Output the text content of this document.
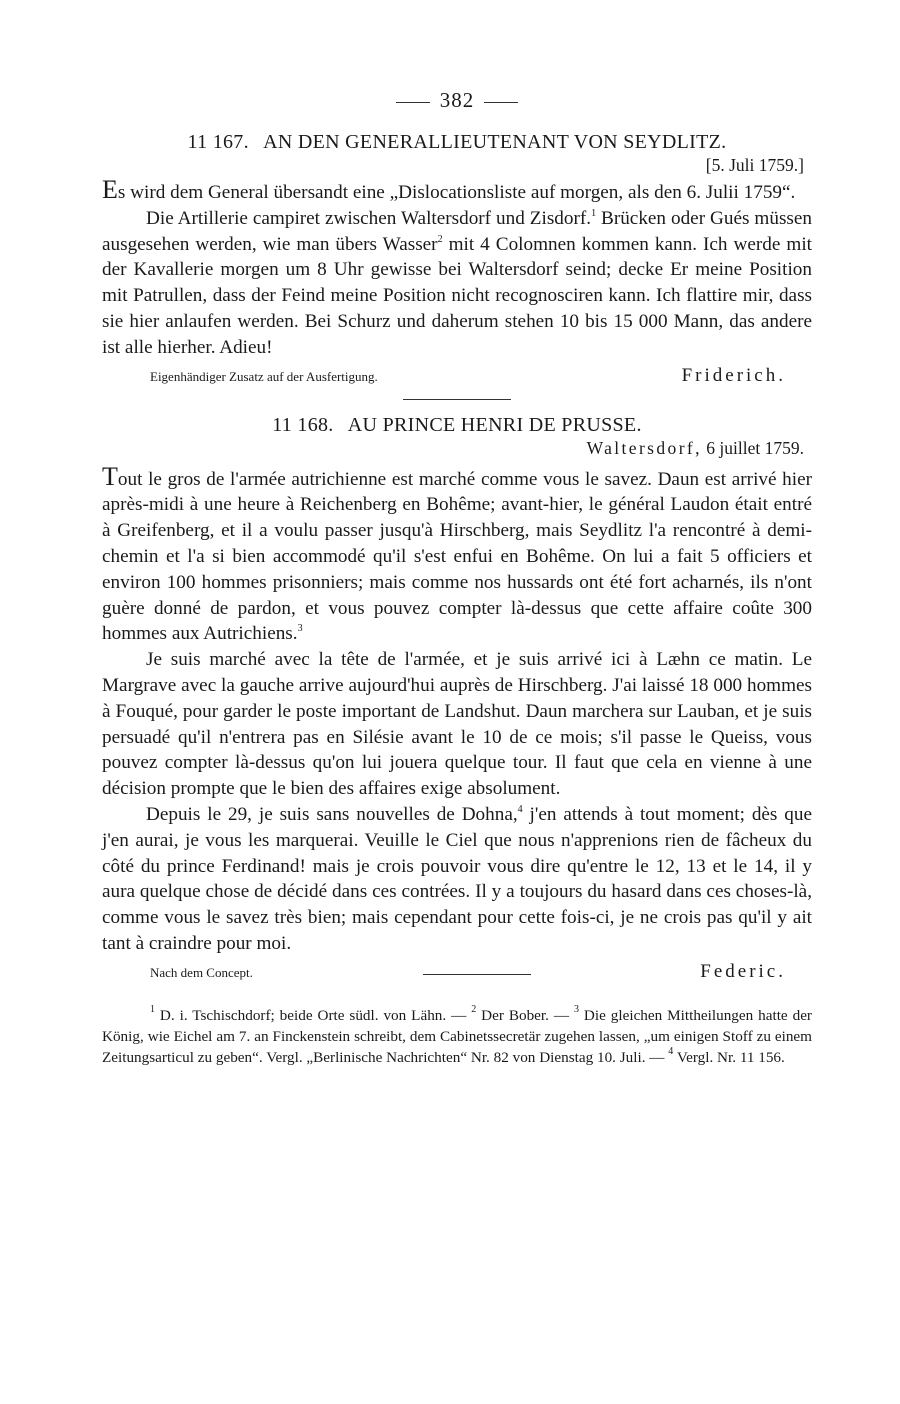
382
11 167. AN DEN GENERALLIEUTENANT VON SEYDLITZ.
[5. Juli 1759.]

Es wird dem General übersandt eine „Dislocationsliste auf morgen, als den 6. Julii 1759“.

Die Artillerie campiret zwischen Waltersdorf und Zisdorf.$^1$ Brücken oder Gués müssen ausgesehen werden, wie man übers Wasser$^2$ mit 4 Colomnen kommen kann. Ich werde mit der Kavallerie morgen um 8 Uhr gewisse bei Waltersdorf seind; decke Er meine Position mit Patrullen, dass der Feind meine Position nicht recognosciren kann. Ich flattire mir, dass sie hier anlaufen werden. Bei Schurz und daherum stehen 10 bis 15 000 Mann, das andere ist alle hierher. Adieu!

Eigenhändiger Zusatz auf der Ausfertigung.	Friderich.
11 168. AU PRINCE HENRI DE PRUSSE.
Waltersdorf, 6 juillet 1759.

Tout le gros de l'armée autrichienne est marché comme vous le savez. Daun est arrivé hier après-midi à une heure à Reichenberg en Bohême; avant-hier, le général Laudon était entré à Greifenberg, et il a voulu passer jusqu'à Hirschberg, mais Seydlitz l'a rencontré à demi-chemin et l'a si bien accommodé qu'il s'est enfui en Bohême. On lui a fait 5 officiers et environ 100 hommes prisonniers; mais comme nos hussards ont été fort acharnés, ils n'ont guère donné de pardon, et vous pouvez compter là-dessus que cette affaire coûte 300 hommes aux Autrichiens.$^3$

Je suis marché avec la tête de l'armée, et je suis arrivé ici à Læhn ce matin. Le Margrave avec la gauche arrive aujourd'hui auprès de Hirschberg. J'ai laissé 18 000 hommes à Fouqué, pour garder le poste important de Landshut. Daun marchera sur Lauban, et je suis persuadé qu'il n'entrera pas en Silésie avant le 10 de ce mois; s'il passe le Queiss, vous pouvez compter là-dessus qu'on lui jouera quelque tour. Il faut que cela en vienne à une décision prompte que le bien des affaires exige absolument.

Depuis le 29, je suis sans nouvelles de Dohna,$^4$ j'en attends à tout moment; dès que j'en aurai, je vous les marquerai. Veuille le Ciel que nous n'apprenions rien de fâcheux du côté du prince Ferdinand! mais je crois pouvoir vous dire qu'entre le 12, 13 et le 14, il y aura quelque chose de décidé dans ces contrées. Il y a toujours du hasard dans ces choses-là, comme vous le savez très bien; mais cependant pour cette fois-ci, je ne crois pas qu'il y ait tant à craindre pour moi.

Nach dem Concept.	Federic.
$^1$ D. i. Tschischdorf; beide Orte südl. von Lähn. — $^2$ Der Bober. — $^3$ Die gleichen Mittheilungen hatte der König, wie Eichel am 7. an Finckenstein schreibt, dem Cabinetssecretär zugehen lassen, „um einigen Stoff zu einem Zeitungsarticul zu geben“. Vergl. „Berlinische Nachrichten“ Nr. 82 von Dienstag 10. Juli. — $^4$ Vergl. Nr. 11 156.
